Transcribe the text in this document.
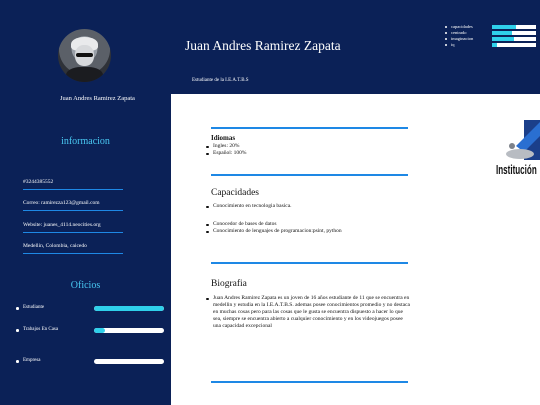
Juan Andres Ramirez Zapata
informacion
#3244385552
Correo: ramirezza123@gmail.com
Website: juanes_4114.neocities.org
Medellin, Colombia, caicedo
Oficios
Estudiante
Trabajos En Casa
Empresa
Juan Andres Ramirez Zapata
Estudiante de la I.E.A.T.B.S
capacidades
centrado
imaginacion
iq
Idiomas
Ingles: 20%
Español: 100%
Capacidades
Conocimiento en tecnologia basica.
Conocedor de bases de datos
Conocimiento de lenguajes de programacion:psint, python
Biografia
Juan Andres Ramirez Zapata es un joven de 16 años estudiante de 11 que se encuentra en medellin y estudia en la I.E.A.T.B.S. ademas posee conocimientos promedio y no destaca en muchas cosas pero para las cosas que le gusta se encuentra dispuesto a hacer lo que sea, siempre se encuentra abierto a cualquier conocimiento y en los videojuegos posee una capacidad excepcional
Institución
